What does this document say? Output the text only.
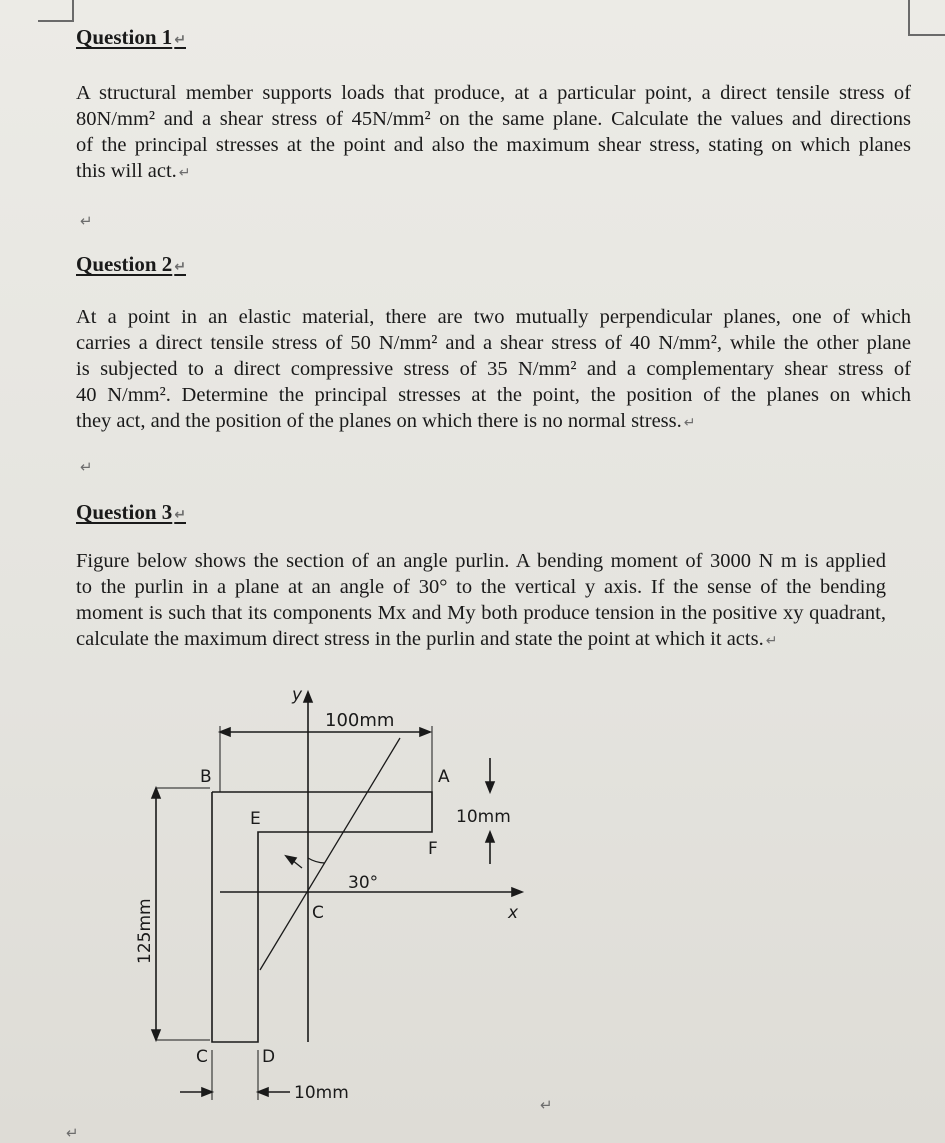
Question 1 ↵
A structural member supports loads that produce, at a particular point, a direct tensile stress of
80N/mm² and a shear stress of 45N/mm² on the same plane. Calculate the values and directions
of the principal stresses at the point and also the maximum shear stress, stating on which planes
this will act. ↵
↵
Question 2 ↵
At a point in an elastic material, there are two mutually perpendicular planes, one of which
carries a direct tensile stress of 50 N/mm² and a shear stress of 40 N/mm², while the other plane
is subjected to a direct compressive stress of 35 N/mm² and a complementary shear stress of
40 N/mm². Determine the principal stresses at the point, the position of the planes on which
they act, and the position of the planes on which there is no normal stress. ↵
↵
Question 3 ↵
Figure below shows the section of an angle purlin. A bending moment of 3000 N m is applied
to the purlin in a plane at an angle of 30° to the vertical y axis. If the sense of the bending
moment is such that its components Mx and My both produce tension in the positive xy quadrant,
calculate the maximum direct stress in the purlin and state the point at which it acts. ↵
y
100mm
B	A
10mm
E
F
30°
C	x
125mm
C	D
10mm
↵
↵
